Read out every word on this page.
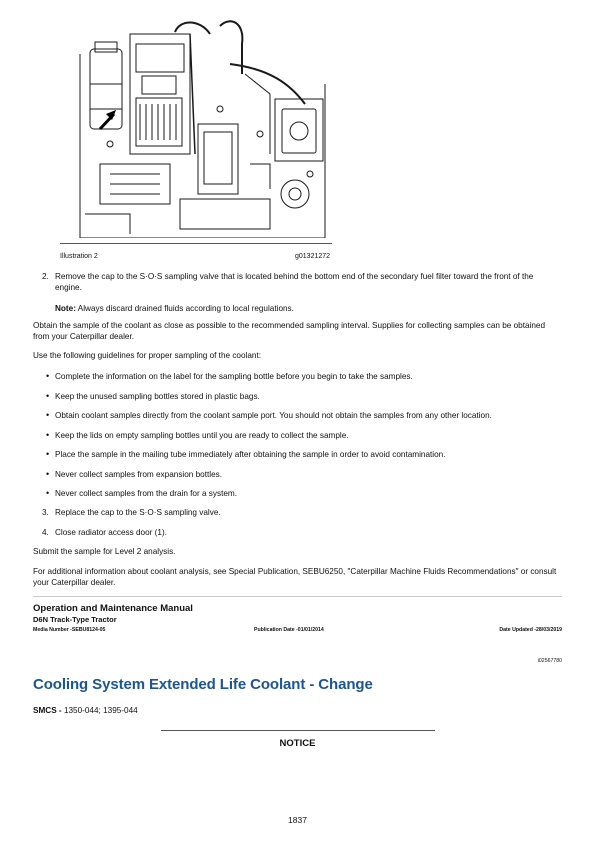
Illustration 2	g01321272
2. Remove the cap to the S·O·S sampling valve that is located behind the bottom end of the secondary fuel filter toward the front of the engine.

Note: Always discard drained fluids according to local regulations.

Obtain the sample of the coolant as close as possible to the recommended sampling interval. Supplies for collecting samples can be obtained from your Caterpillar dealer.

Use the following guidelines for proper sampling of the coolant:

• Complete the information on the label for the sampling bottle before you begin to take the samples.

• Keep the unused sampling bottles stored in plastic bags.

• Obtain coolant samples directly from the coolant sample port. You should not obtain the samples from any other location.

• Keep the lids on empty sampling bottles until you are ready to collect the sample.

• Place the sample in the mailing tube immediately after obtaining the sample in order to avoid contamination.

• Never collect samples from expansion bottles.

• Never collect samples from the drain for a system.

3. Replace the cap to the S·O·S sampling valve.

4. Close radiator access door (1).

Submit the sample for Level 2 analysis.

For additional information about coolant analysis, see Special Publication, SEBU6250, "Caterpillar Machine Fluids Recommendations" or consult your Caterpillar dealer.

Operation and Maintenance Manual
D6N Track-Type Tractor
Media Number -SEBU8124-05	Publication Date -01/01/2014	Date Updated -28/03/2019
i02567780
Cooling System Extended Life Coolant - Change
SMCS - 1350-044; 1395-044
NOTICE
1837
